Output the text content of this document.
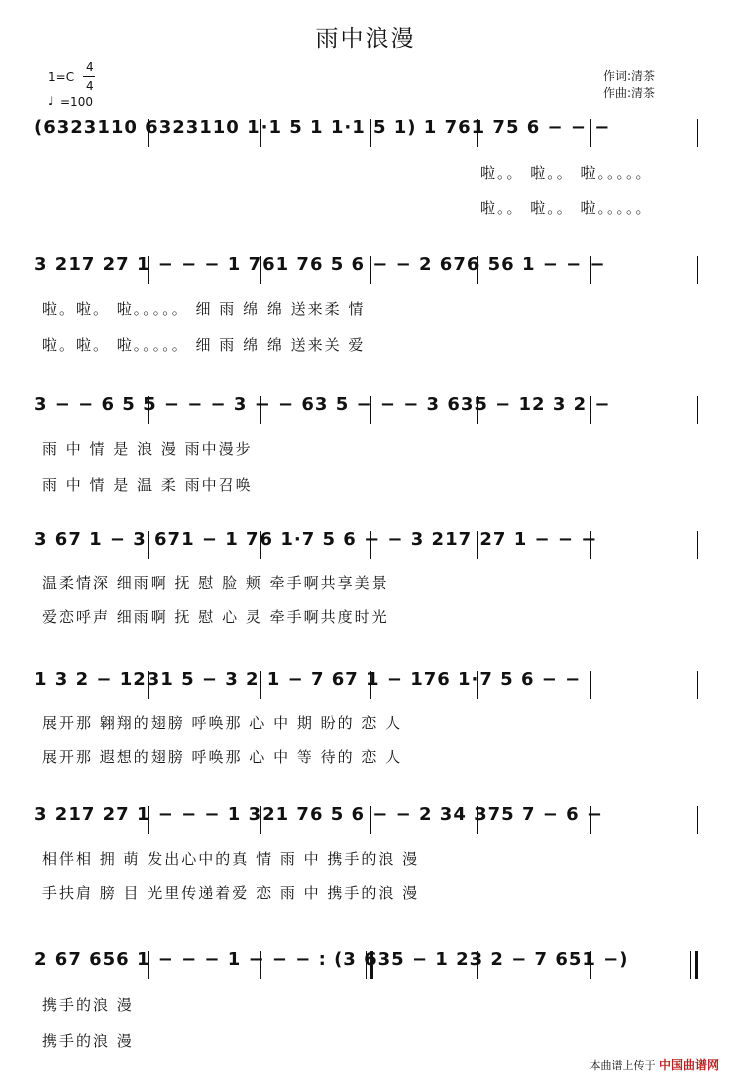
雨中浪漫
1=C
4
4
♩ =100
作词:清茶
作曲:清茶
(6323110 6323110 1·1 5 1 1·1 5 1) 1 761 75 6 − − −
啦。。 啦。。 啦。。。。。
啦。。 啦。。 啦。。。。。
3 217 27 1 − − − 1 761 76 5 6 − − 2 676 56 1 − − −
啦。啦。 啦。。。。。 细 雨 绵 绵 送来柔 情
啦。啦。 啦。。。。。 细 雨 绵 绵 送来关 爱
3 − − 6 5 5 − − − 3 − − 63 5 − − − 3 635 − 12 3 2 −
雨 中 情 是 浪 漫 雨中漫步
雨 中 情 是 温 柔 雨中召唤
3 67 1 − 3 671 − 1 76 1·7 5 6 − − 3 217 27 1 − − −
温柔情深 细雨啊 抚 慰 脸 颊 牵手啊共享美景
爱恋呼声 细雨啊 抚 慰 心 灵 牵手啊共度时光
1 3 2 − 1231 5 − 3 2 1 − 7 67 1 − 176 1·7 5 6 − −
展开那 翱翔的翅膀 呼唤那 心 中 期 盼的 恋 人
展开那 遐想的翅膀 呼唤那 心 中 等 待的 恋 人
3 217 27 1 − − − 1 321 76 5 6 − − 2 34 375 7 − 6 −
相伴相 拥 萌 发出心中的真 情 雨 中 携手的浪 漫
手扶肩 膀 目 光里传递着爱 恋 雨 中 携手的浪 漫
2 67 656 1 − − − 1 − − − : (3 635 − 1 23 2 − 7 651 −)
携手的浪 漫
携手的浪 漫
本曲谱上传于 中国曲谱网
